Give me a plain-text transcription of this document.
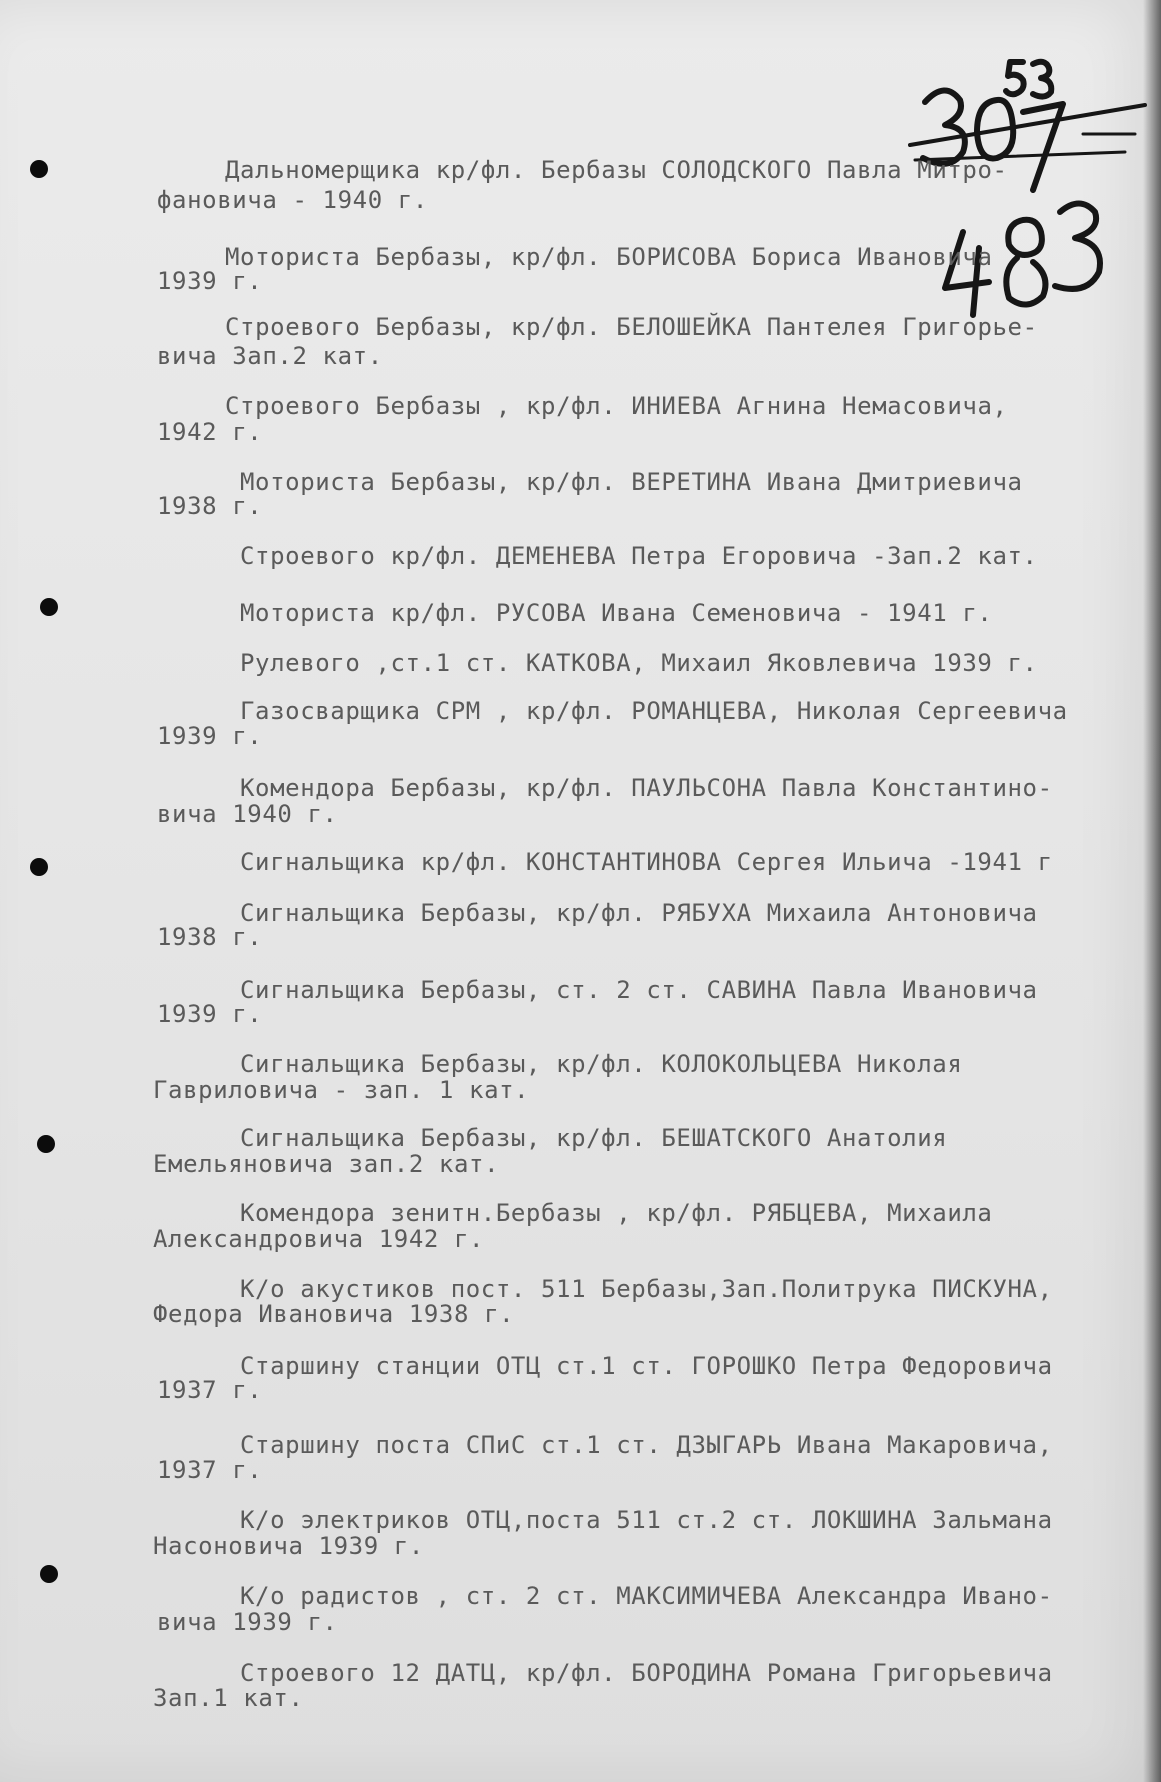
Дальномерщика кр/фл. Бербазы СОЛОДСКОГО Павла Митро-
фановича - 1940 г.
Моториста Бербазы, кр/фл. БОРИСОВА Бориса Ивановича
1939 г.
Строевого Бербазы, кр/фл. БЕЛОШЕЙКА Пантелея Григорье-
вича Зап.2 кат.
Строевого Бербазы , кр/фл. ИНИЕВА Агнина Немасовича,
1942 г.
Моториста Бербазы, кр/фл. ВЕРЕТИНА Ивана Дмитриевича
1938 г.
Строевого кр/фл. ДЕМЕНЕВА Петра Егоровича -Зап.2 кат.
Моториста кр/фл. РУСОВА Ивана Семеновича - 1941 г.
Рулевого ,ст.1 ст. КАТКОВА, Михаил Яковлевича 1939 г.
Газосварщика СРМ , кр/фл. РОМАНЦЕВА, Николая Сергеевича
1939 г.
Комендора Бербазы, кр/фл. ПАУЛЬСОНА Павла Константино-
вича 1940 г.
Сигнальщика кр/фл. КОНСТАНТИНОВА Сергея Ильича -1941 г
Сигнальщика Бербазы, кр/фл. РЯБУХА Михаила Антоновича
1938 г.
Сигнальщика Бербазы, ст. 2 ст. САВИНА Павла Ивановича
1939 г.
Сигнальщика Бербазы, кр/фл. КОЛОКОЛЬЦЕВА Николая
Гавриловича - зап. 1 кат.
Сигнальщика Бербазы, кр/фл. БЕШАТСКОГО Анатолия
Емельяновича зап.2 кат.
Комендора зенитн.Бербазы , кр/фл. РЯБЦЕВА, Михаила
Александровича 1942 г.
К/о акустиков пост. 511 Бербазы,Зап.Политрука ПИСКУНА,
Федора Ивановича 1938 г.
Старшину станции ОТЦ ст.1 ст. ГОРОШКО Петра Федоровича
1937 г.
Старшину поста СПиС ст.1 ст. ДЗЫГАРЬ Ивана Макаровича,
1937 г.
К/о электриков ОТЦ,поста 511 ст.2 ст. ЛОКШИНА Зальмана
Насоновича 1939 г.
К/о радистов , ст. 2 ст. МАКСИМИЧЕВА Александра Ивано-
вича 1939 г.
Строевого 12 ДАТЦ, кр/фл. БОРОДИНА Романа Григорьевича
Зап.1 кат.
